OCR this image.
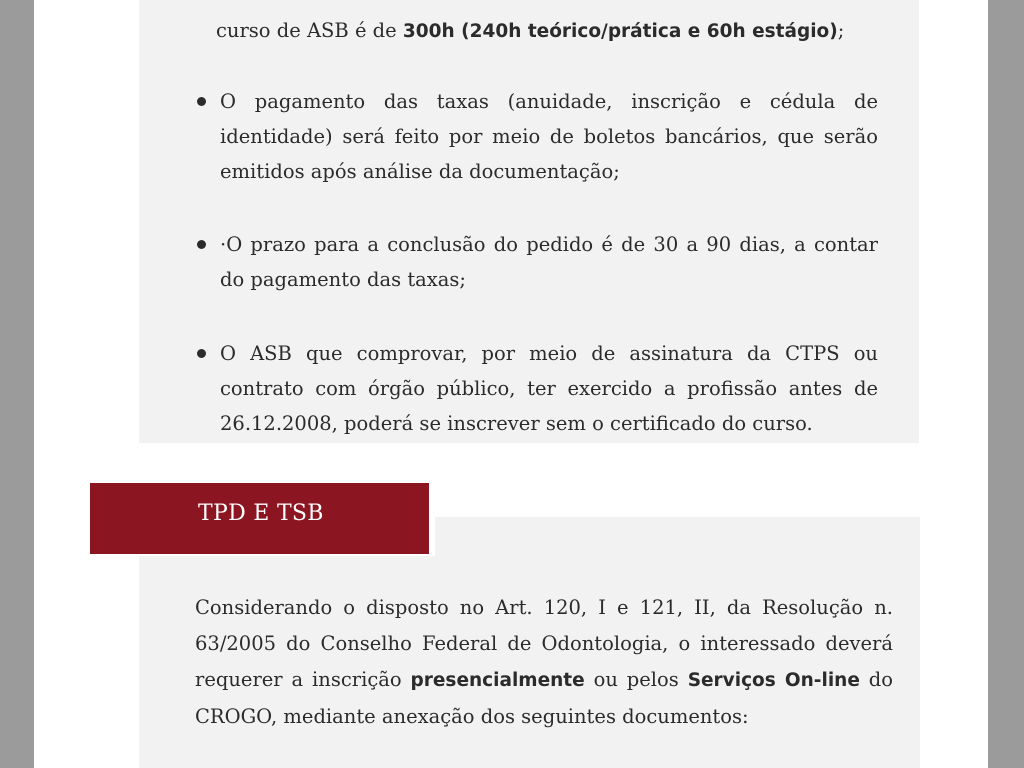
curso de ASB é de 300h (240h teórico/prática e 60h estágio);
O pagamento das taxas (anuidade, inscrição e cédula de identidade) será feito por meio de boletos bancários, que serão emitidos após análise da documentação;
·O prazo para a conclusão do pedido é de 30 a 90 dias, a contar do pagamento das taxas;
O ASB que comprovar, por meio de assinatura da CTPS ou contrato com órgão público, ter exercido a profissão antes de 26.12.2008, poderá se inscrever sem o certificado do curso.
TPD E TSB

Considerando o disposto no Art. 120, I e 121, II, da Resolução n. 63/2005 do Conselho Federal de Odontologia, o interessado deverá requerer a inscrição presencialmente ou pelos Serviços On-line do CROGO, mediante anexação dos seguintes documentos:
